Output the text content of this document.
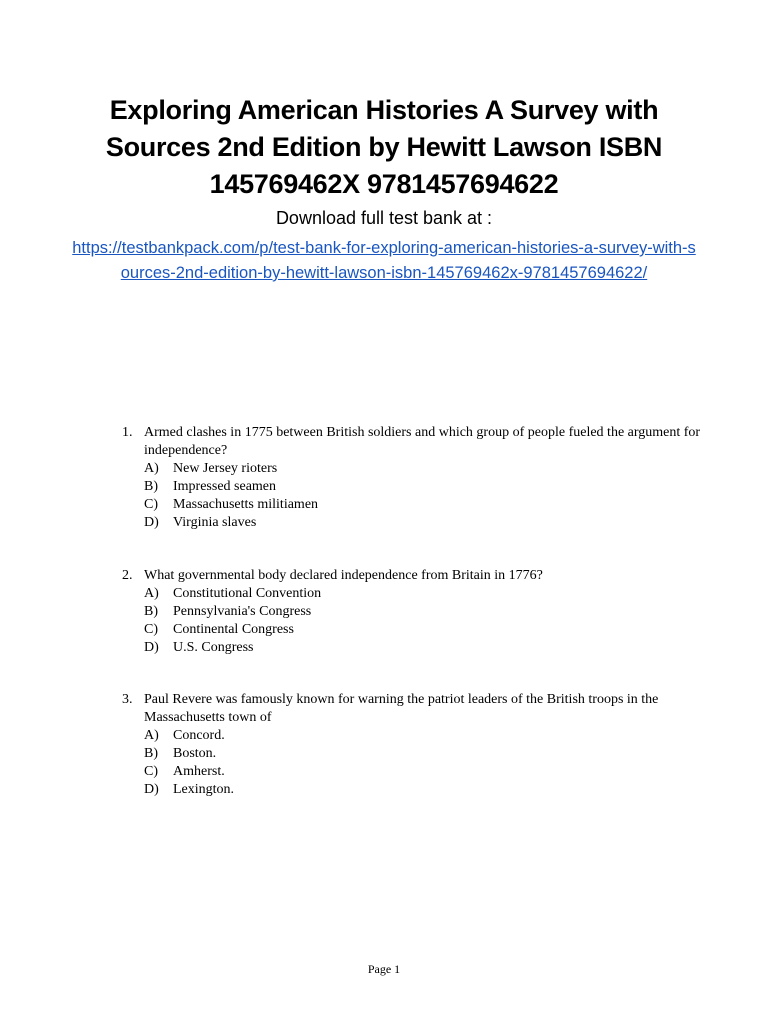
Exploring American Histories A Survey with Sources 2nd Edition by Hewitt Lawson ISBN 145769462X 9781457694622
Download full test bank at :
https://testbankpack.com/p/test-bank-for-exploring-american-histories-a-survey-with-sources-2nd-edition-by-hewitt-lawson-isbn-145769462x-9781457694622/
1. Armed clashes in 1775 between British soldiers and which group of people fueled the argument for independence?
A) New Jersey rioters
B) Impressed seamen
C) Massachusetts militiamen
D) Virginia slaves
2. What governmental body declared independence from Britain in 1776?
A) Constitutional Convention
B) Pennsylvania's Congress
C) Continental Congress
D) U.S. Congress
3. Paul Revere was famously known for warning the patriot leaders of the British troops in the Massachusetts town of
A) Concord.
B) Boston.
C) Amherst.
D) Lexington.
Page 1
